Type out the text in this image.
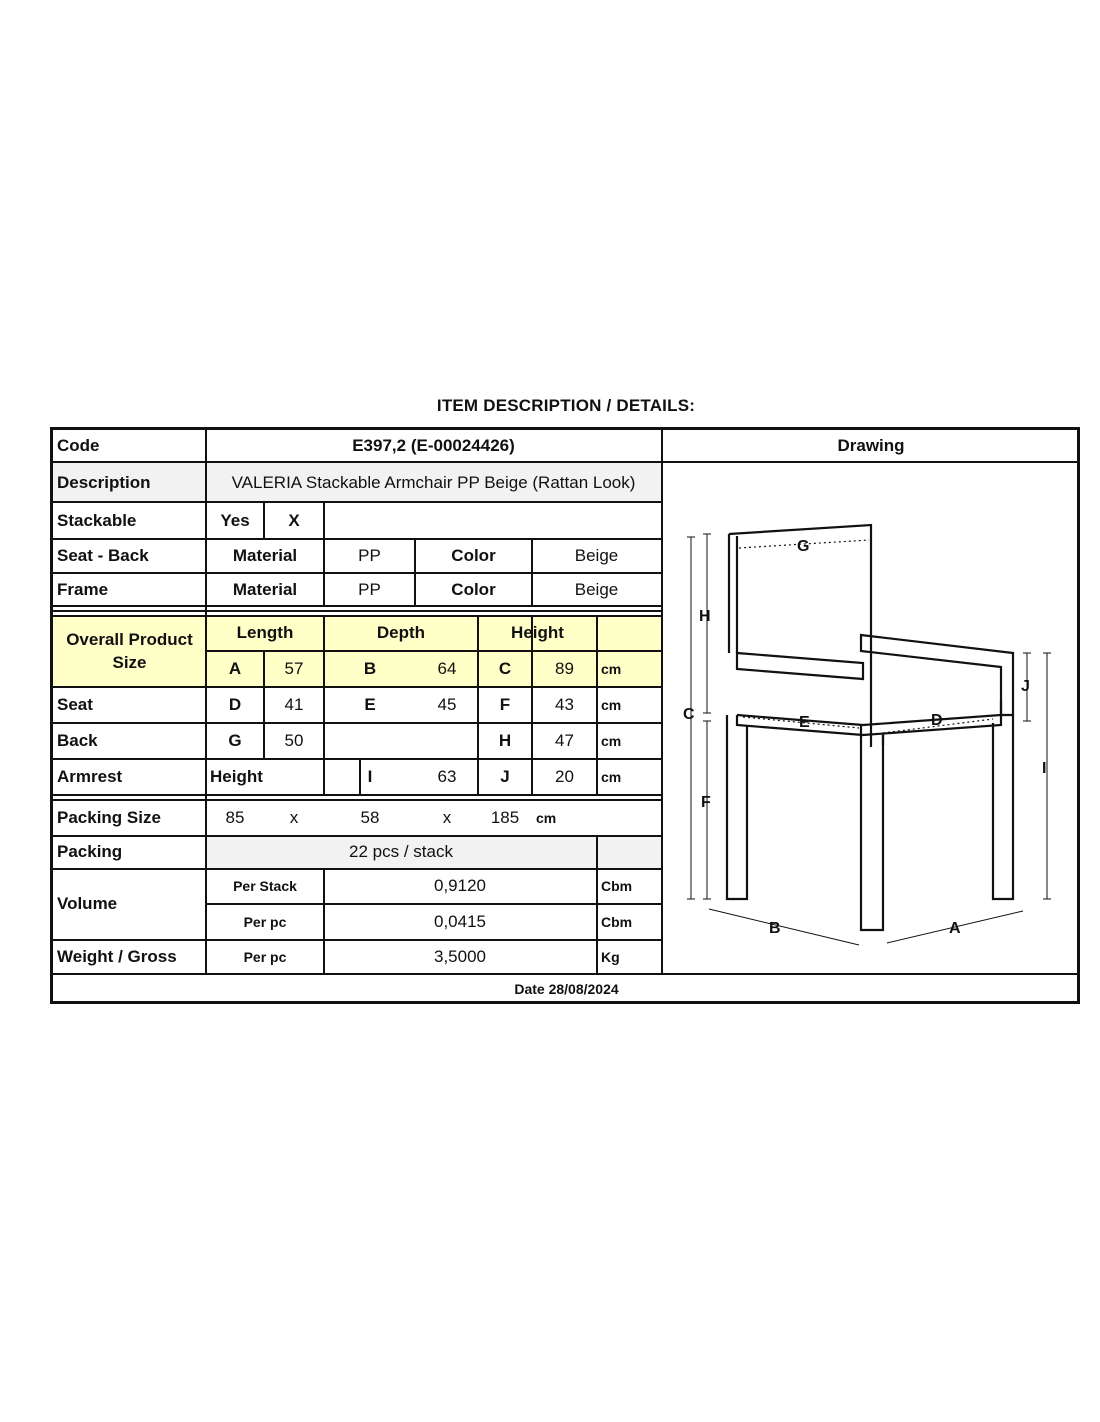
ITEM DESCRIPTION / DETAILS:
Code	E397,2 (E-00024426)	Drawing
Description	VALERIA Stackable Armchair PP Beige (Rattan Look)
Stackable	Yes	X
Seat - Back	Material	PP	Color	Beige
Frame	Material	PP	Color	Beige
Overall Product Size
Length	Depth	Height
A	57	B	64	C	89	cm
Seat	D	41	E	45	F	43	cm
Back	G	50	H	47	cm
Armrest	Height	I	63	J	20	cm
Packing Size	85	x	58	x	185	cm
Packing	22 pcs / stack
Volume
Per Stack	0,9120	Cbm
Per pc	0,0415	Cbm
Weight / Gross	Per pc	3,5000	Kg
Date 28/08/2024
G
H
C
F
E	D
J
I
B	A
